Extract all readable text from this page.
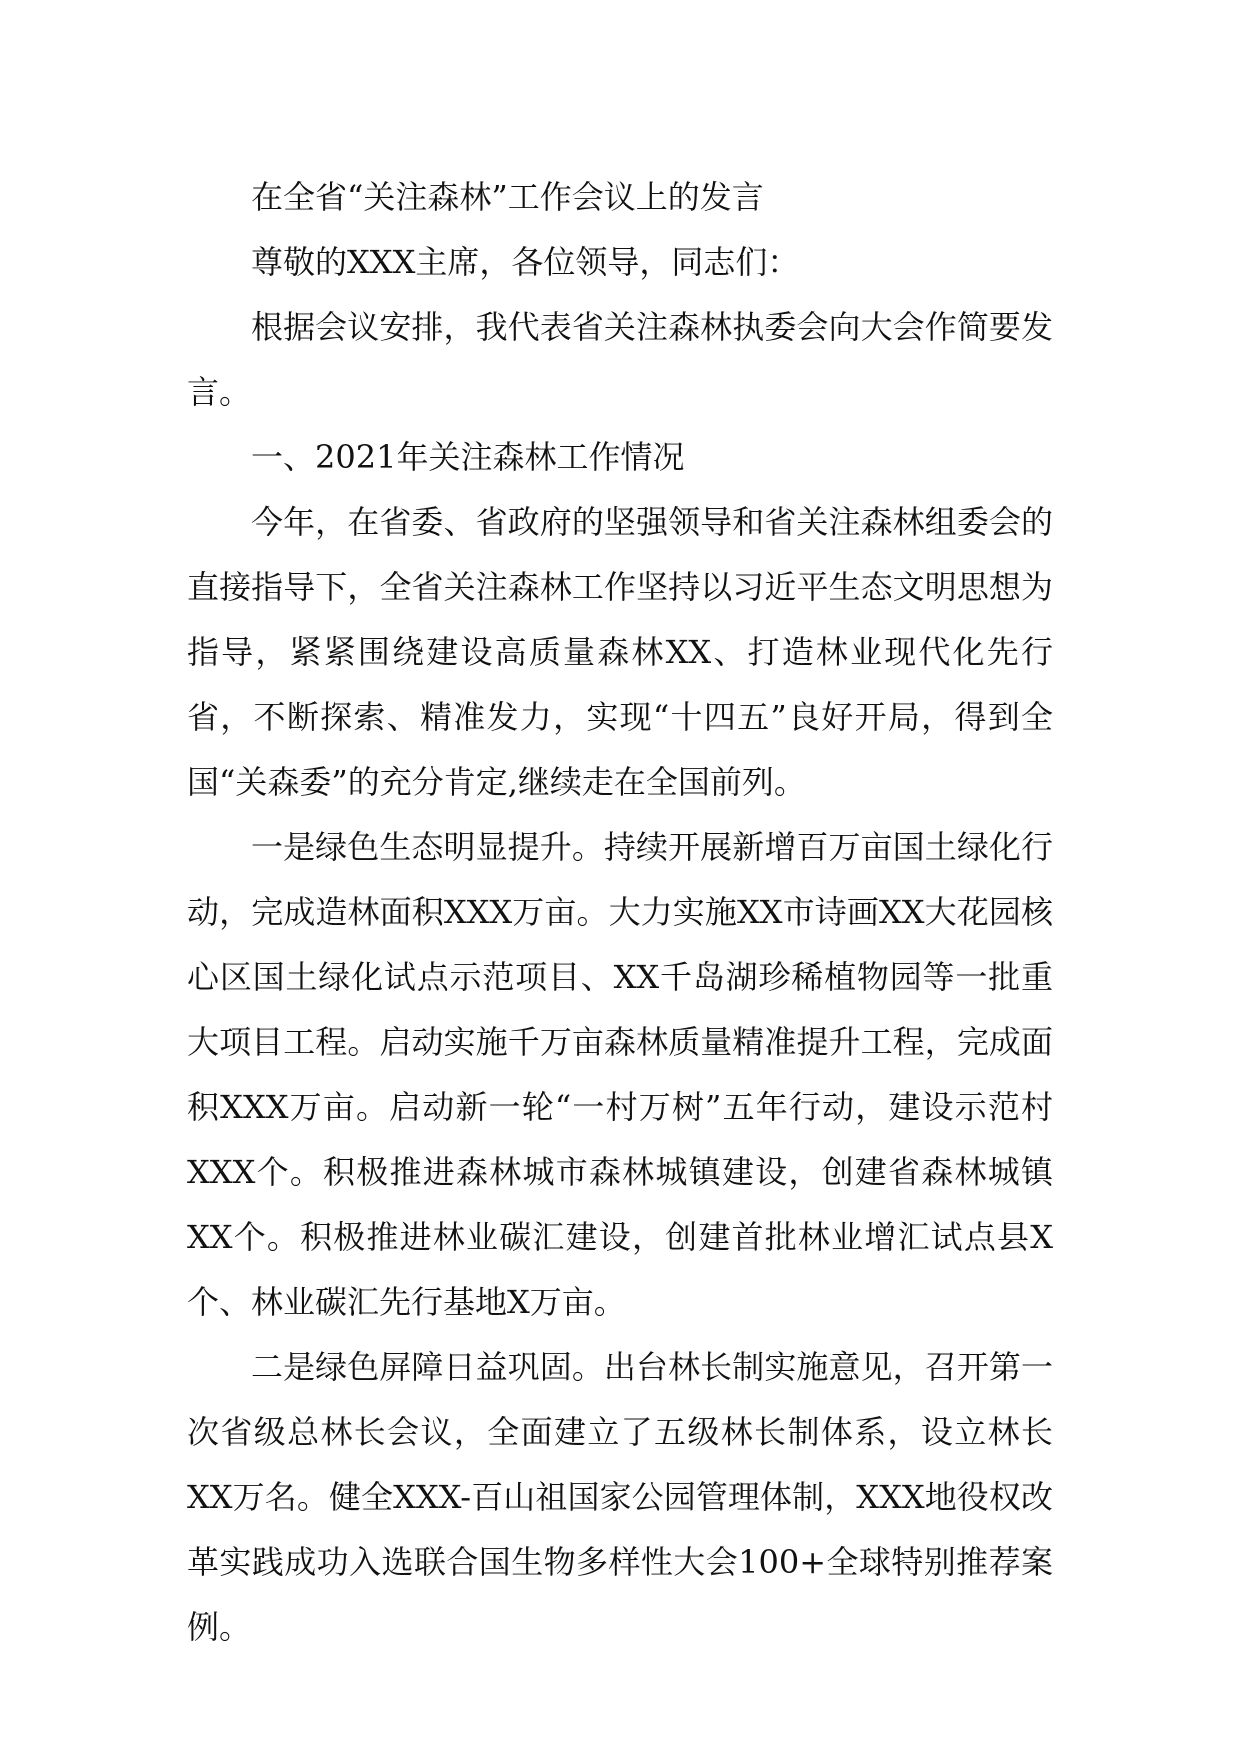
在全省“关注森林”工作会议上的发言

尊敬的XXX主席，各位领导，同志们：

根据会议安排，我代表省关注森林执委会向大会作简要发言。

一、2021年关注森林工作情况

今年，在省委、省政府的坚强领导和省关注森林组委会的直接指导下，全省关注森林工作坚持以习近平生态文明思想为指导，紧紧围绕建设高质量森林XX、打造林业现代化先行省，不断探索、精准发力，实现“十四五”良好开局，得到全国“关森委”的充分肯定,继续走在全国前列。

一是绿色生态明显提升。持续开展新增百万亩国土绿化行动，完成造林面积XXX万亩。大力实施XX市诗画XX大花园核心区国土绿化试点示范项目、XX千岛湖珍稀植物园等一批重大项目工程。启动实施千万亩森林质量精准提升工程，完成面积XXX万亩。启动新一轮“一村万树”五年行动，建设示范村XXX个。积极推进森林城市森林城镇建设，创建省森林城镇XX个。积极推进林业碳汇建设，创建首批林业增汇试点县X个、林业碳汇先行基地X万亩。

二是绿色屏障日益巩固。出台林长制实施意见，召开第一次省级总林长会议，全面建立了五级林长制体系，设立林长XX万名。健全XXX-百山祖国家公园管理体制，XXX地役权改革实践成功入选联合国生物多样性大会100+全球特别推荐案例。
